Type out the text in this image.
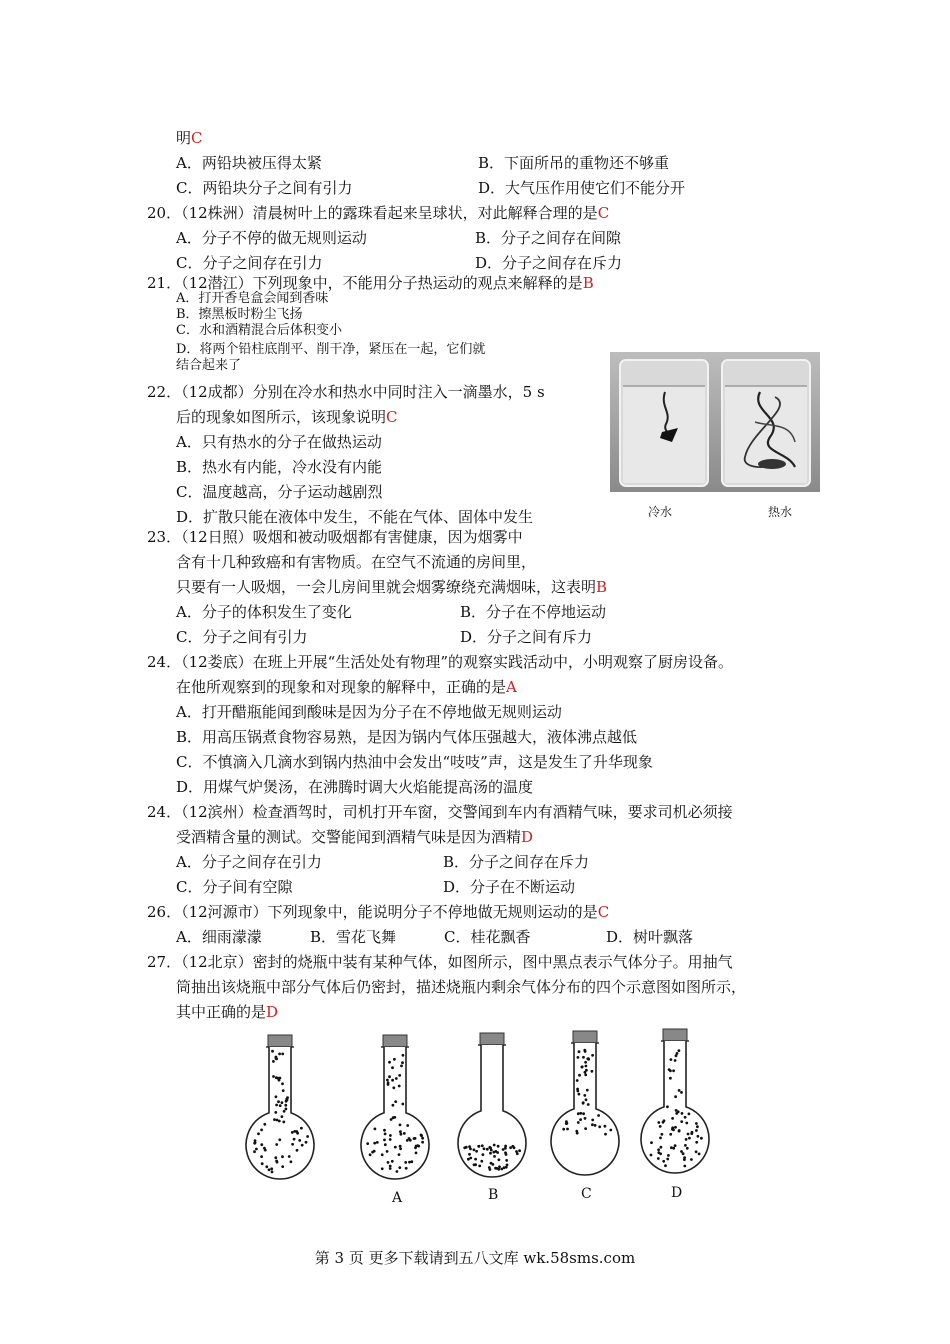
明C
A．两铅块被压得太紧	B．下面所吊的重物还不够重
C．两铅块分子之间有引力	D．大气压作用使它们不能分开
20．（12株洲）清晨树叶上的露珠看起来呈球状，对此解释合理的是C
A．分子不停的做无规则运动	B．分子之间存在间隙
C．分子之间存在引力	D．分子之间存在斥力
21．（12潜江）下列现象中，不能用分子热运动的观点来解释的是B
A．打开香皂盒会闻到香味
B．擦黑板时粉尘飞扬
C．水和酒精混合后体积变小
D．将两个铅柱底削平、削干净，紧压在一起，它们就
结合起来了
冷水	热水
22．（12成都）分别在冷水和热水中同时注入一滴墨水，5 s
后的现象如图所示，该现象说明C
A．只有热水的分子在做热运动
B．热水有内能，冷水没有内能
C．温度越高，分子运动越剧烈
D．扩散只能在液体中发生，不能在气体、固体中发生
23．（12日照）吸烟和被动吸烟都有害健康，因为烟雾中
含有十几种致癌和有害物质。在空气不流通的房间里，
只要有一人吸烟，一会儿房间里就会烟雾缭绕充满烟味，这表明B
A．分子的体积发生了变化	B．分子在不停地运动
C．分子之间有引力	D．分子之间有斥力
24．（12娄底）在班上开展“生活处处有物理”的观察实践活动中，小明观察了厨房设备。
在他所观察到的现象和对现象的解释中，正确的是A
A．打开醋瓶能闻到酸味是因为分子在不停地做无规则运动
B．用高压锅煮食物容易熟，是因为锅内气体压强越大，液体沸点越低
C．不慎滴入几滴水到锅内热油中会发出“吱吱”声，这是发生了升华现象
D．用煤气炉煲汤，在沸腾时调大火焰能提高汤的温度
24．（12滨州）检查酒驾时，司机打开车窗，交警闻到车内有酒精气味，要求司机必须接
受酒精含量的测试。交警能闻到酒精气味是因为酒精D
A．分子之间存在引力	B．分子之间存在斥力
C．分子间有空隙	D．分子在不断运动
26．（12河源市）下列现象中，能说明分子不停地做无规则运动的是C
A．细雨濛濛	B．雪花飞舞	C．桂花飘香	D．树叶飘落
27．（12北京）密封的烧瓶中装有某种气体，如图所示，图中黑点表示气体分子。用抽气
筒抽出该烧瓶中部分气体后仍密封，描述烧瓶内剩余气体分布的四个示意图如图所示，
其中正确的是D
A	B	C	D
第 3 页 更多下载请到五八文库 wk.58sms.com
